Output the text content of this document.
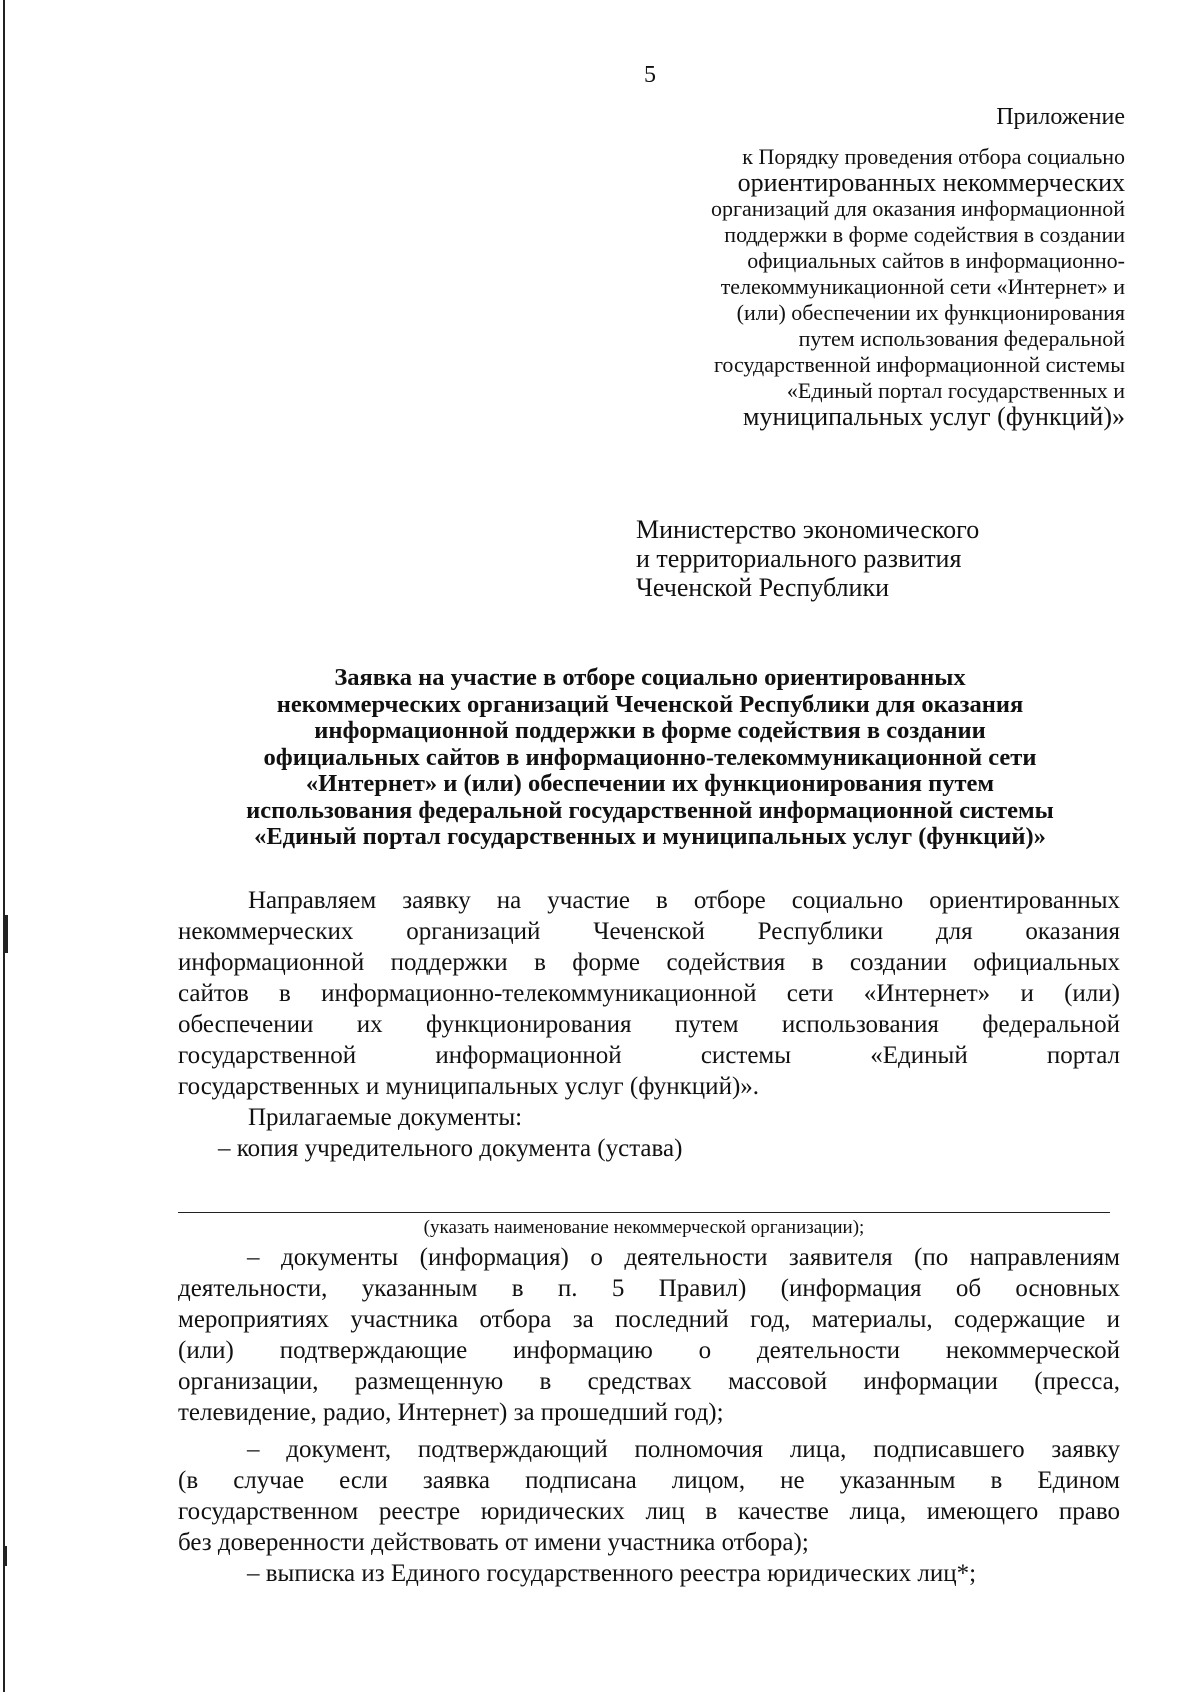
5
Приложение
к Порядку проведения отбора социально
ориентированных некоммерческих
организаций для оказания информационной
поддержки в форме содействия в создании
официальных сайтов в информационно-
телекоммуникационной сети «Интернет» и
(или) обеспечении их функционирования
путем использования федеральной
государственной информационной системы
«Единый портал государственных и
муниципальных услуг (функций)»
Министерство экономического
и территориального развития
Чеченской Республики
Заявка на участие в отборе социально ориентированных
некоммерческих организаций Чеченской Республики для оказания
информационной поддержки в форме содействия в создании
официальных сайтов в информационно-телекоммуникационной сети
«Интернет» и (или) обеспечении их функционирования путем
использования федеральной государственной информационной системы
«Единый портал государственных и муниципальных услуг (функций)»
Направляем заявку на участие в отборе социально ориентированных
некоммерческих организаций Чеченской Республики для оказания
информационной поддержки в форме содействия в создании официальных
сайтов в информационно-телекоммуникационной сети «Интернет» и (или)
обеспечении их функционирования путем использования федеральной
государственной информационной системы «Единый портал
государственных и муниципальных услуг (функций)».
Прилагаемые документы:
– копия учредительного документа (устава)
(указать наименование некоммерческой организации);
– документы (информация) о деятельности заявителя (по направлениям
деятельности, указанным в п. 5 Правил) (информация об основных
мероприятиях участника отбора за последний год, материалы, содержащие и
(или) подтверждающие информацию о деятельности некоммерческой
организации, размещенную в средствах массовой информации (пресса,
телевидение, радио, Интернет) за прошедший год);
– документ, подтверждающий полномочия лица, подписавшего заявку
(в случае если заявка подписана лицом, не указанным в Едином
государственном реестре юридических лиц в качестве лица, имеющего право
без доверенности действовать от имени участника отбора);
– выписка из Единого государственного реестра юридических лиц*;
